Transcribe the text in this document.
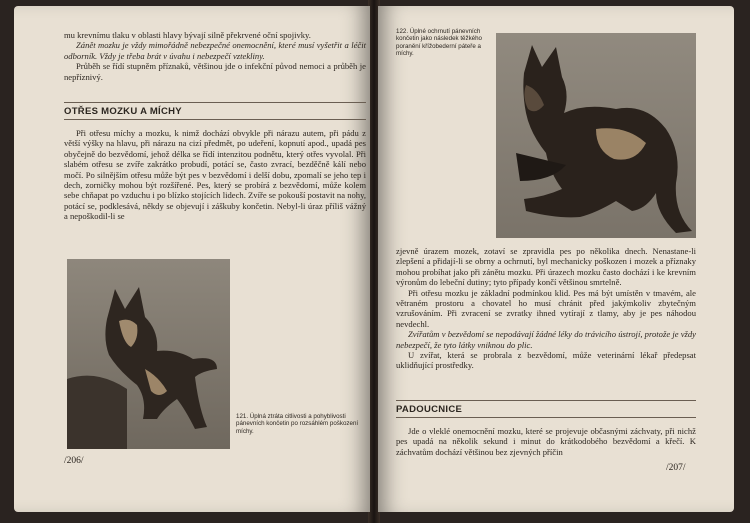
mu krevnímu tlaku v oblasti hlavy bývají silně překrvené oční spojivky.

Zánět mozku je vždy mimořádně nebezpečné onemocnění, které musí vyšetřit a léčit odborník. Vždy je třeba brát v úvahu i nebezpečí vztekliny.

Průběh se řídí stupněm příznaků, většinou jde o infekční původ nemoci a průběh je nepříznivý.

OTŘES MOZKU A MÍCHY

Při otřesu míchy a mozku, k nimž dochází obvykle při nárazu autem, při pádu z větší výšky na hlavu, při nárazu na cizí předmět, po udeření, kopnutí apod., upadá pes obyčejně do bezvědomí, jehož délka se řídí intenzitou podnětu, který otřes vyvolal. Při slabém otřesu se zvíře zakrátko probudí, potácí se, často zvrací, bezděčně kálí nebo močí. Po silnějším otřesu může být pes v bezvědomí i delší dobu, zpomalí se jeho tep i dech, zorničky mohou být rozšířené. Pes, který se probírá z bezvědomí, může kolem sebe chňapat po vzduchu i po blízko stojících lidech. Zvíře se pokouší postavit na nohy, potácí se, podklesává, někdy se objevují i záškuby končetin. Nebyl-li úraz příliš vážný a nepoškodil-li se

121. Úplná ztráta citlivosti a pohyblivosti pánevních končetin po rozsáhlém poškození míchy.
/206/
122. Úplné ochrnutí pánevních končetin jako následek těžkého poranění křížobederní páteře a míchy.

zjevně úrazem mozek, zotaví se zpravidla pes po několika dnech. Nenastane-li zlepšení a přidají-li se obrny a ochrnutí, byl mechanicky poškozen i mozek a příznaky mohou probíhat jako při zánětu mozku. Při úrazech mozku často dochází i ke krevním výronům do lebeční dutiny; tyto případy končí většinou smrtelně.

Při otřesu mozku je základní podmínkou klid. Pes má být umístěn v tmavém, ale větraném prostoru a chovatel ho musí chránit před jakýmkoliv zbytečným vzrušováním. Při zvracení se zvratky ihned vytírají z tlamy, aby je pes náhodou nevdechl.

Zvířatům v bezvědomí se nepodávají žádné léky do trávicího ústrojí, protože je vždy nebezpečí, že tyto látky vniknou do plic.

U zvířat, která se probrala z bezvědomí, může veterinární lékař předepsat uklidňující prostředky.

PADOUCNICE

Jde o vleklé onemocnění mozku, které se projevuje občasnými záchvaty, při nichž pes upadá na několik sekund i minut do krátkodobého bezvědomí a křečí. K záchvatům dochází většinou bez zjevných příčin

/207/
